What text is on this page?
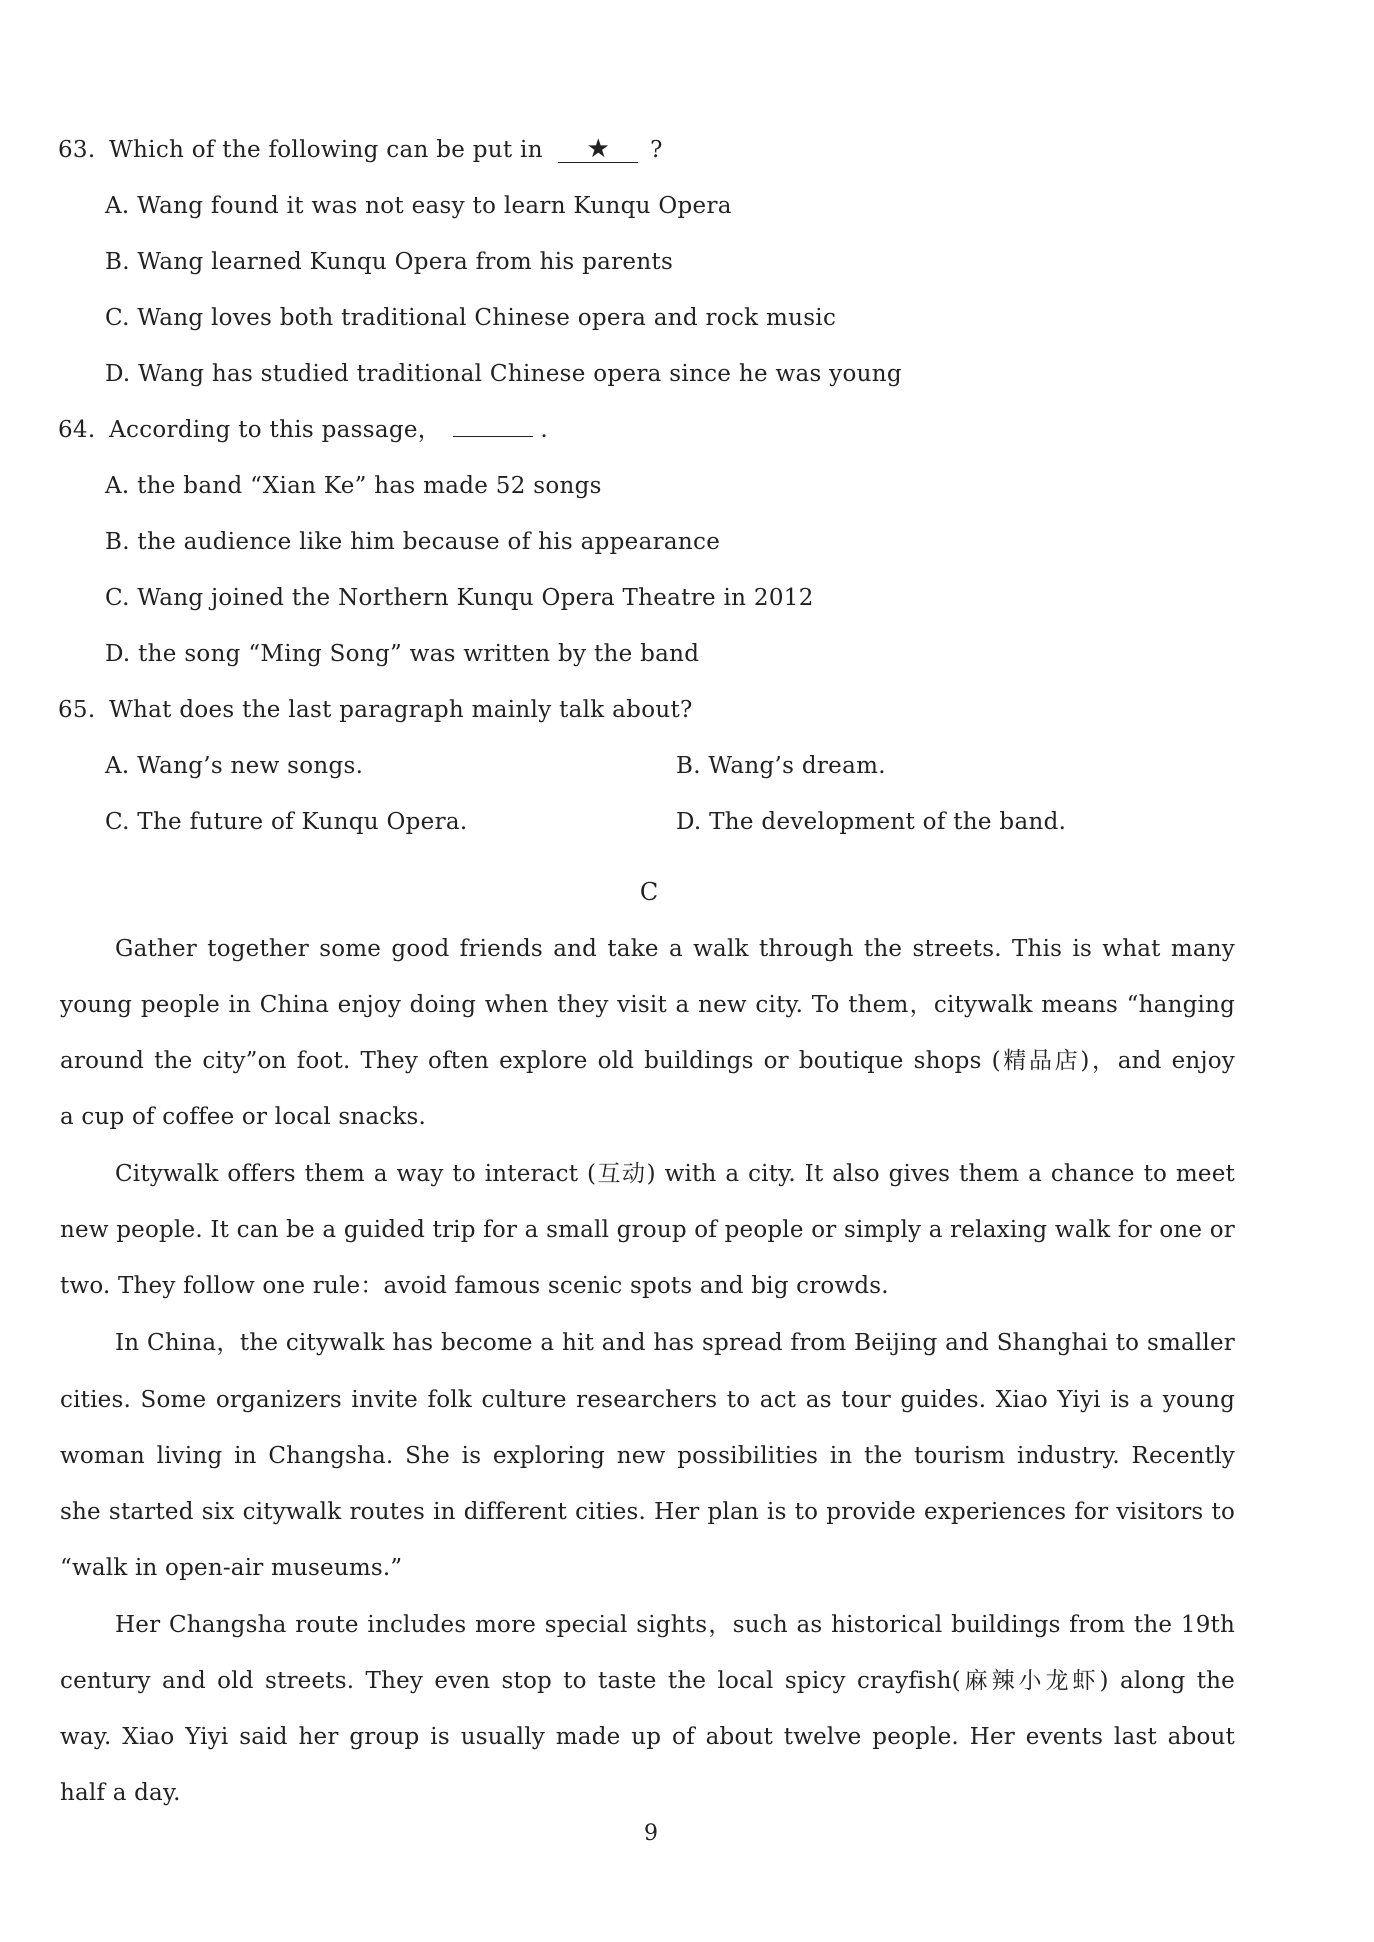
63. Which of the following can be put in ★ ?
A. Wang found it was not easy to learn Kunqu Opera
B. Wang learned Kunqu Opera from his parents
C. Wang loves both traditional Chinese opera and rock music
D. Wang has studied traditional Chinese opera since he was young
64. According to this passage，	.
A. the band “Xian Ke” has made 52 songs
B. the audience like him because of his appearance
C. Wang joined the Northern Kunqu Opera Theatre in 2012
D. the song “Ming Song” was written by the band
65. What does the last paragraph mainly talk about?
A. Wang’s new songs.	B. Wang’s dream.
C. The future of Kunqu Opera.	D. The development of the band.
C
Gather together some good friends and take a walk through the streets. This is what many
young people in China enjoy doing when they visit a new city. To them，citywalk means “hanging
around the city”on foot. They often explore old buildings or boutique shops (精品店)，and enjoy
a cup of coffee or local snacks.
Citywalk offers them a way to interact (互动) with a city. It also gives them a chance to meet
new people. It can be a guided trip for a small group of people or simply a relaxing walk for one or
two. They follow one rule：avoid famous scenic spots and big crowds.
In China，the citywalk has become a hit and has spread from Beijing and Shanghai to smaller
cities. Some organizers invite folk culture researchers to act as tour guides. Xiao Yiyi is a young
woman living in Changsha. She is exploring new possibilities in the tourism industry. Recently
she started six citywalk routes in different cities. Her plan is to provide experiences for visitors to
“walk in open-air museums.”
Her Changsha route includes more special sights，such as historical buildings from the 19th
century and old streets. They even stop to taste the local spicy crayfish(麻辣小龙虾) along the
way. Xiao Yiyi said her group is usually made up of about twelve people. Her events last about
half a day.
9
